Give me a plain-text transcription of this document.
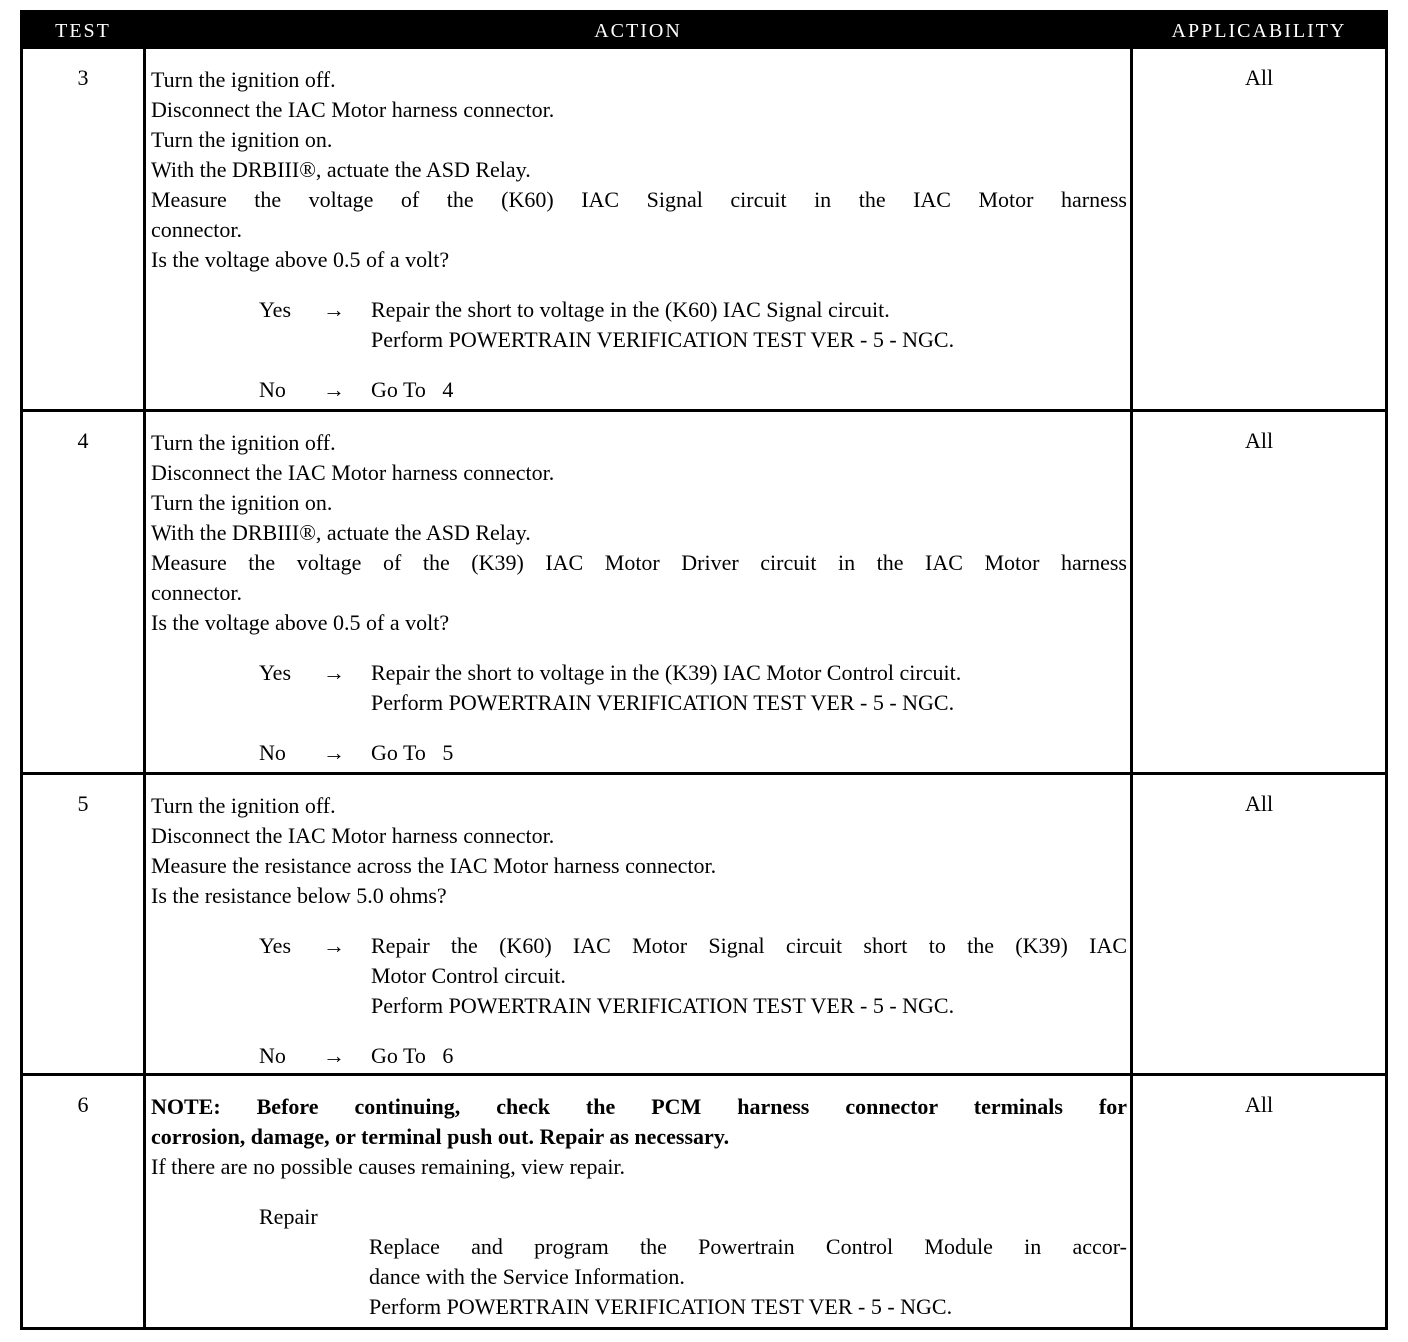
TEST	ACTION	APPLICABILITY
3	Turn the ignition off.
Disconnect the IAC Motor harness connector.
Turn the ignition on.
With the DRBIII®, actuate the ASD Relay.
Measure the voltage of the (K60) IAC Signal circuit in the IAC Motor harness
connector.
Is the voltage above 0.5 of a volt?
Yes → Repair the short to voltage in the (K60) IAC Signal circuit.
Perform POWERTRAIN VERIFICATION TEST VER - 5 - NGC.
No → Go To   4
All
4	Turn the ignition off.
Disconnect the IAC Motor harness connector.
Turn the ignition on.
With the DRBIII®, actuate the ASD Relay.
Measure the voltage of the (K39) IAC Motor Driver circuit in the IAC Motor harness
connector.
Is the voltage above 0.5 of a volt?
Yes → Repair the short to voltage in the (K39) IAC Motor Control circuit.
Perform POWERTRAIN VERIFICATION TEST VER - 5 - NGC.
No → Go To   5
All
5	Turn the ignition off.
Disconnect the IAC Motor harness connector.
Measure the resistance across the IAC Motor harness connector.
Is the resistance below 5.0 ohms?
Yes → Repair the (K60) IAC Motor Signal circuit short to the (K39) IAC
Motor Control circuit.
Perform POWERTRAIN VERIFICATION TEST VER - 5 - NGC.
No → Go To   6
All
6	NOTE: Before continuing, check the PCM harness connector terminals for
corrosion, damage, or terminal push out. Repair as necessary.
If there are no possible causes remaining, view repair.
Repair
Replace and program the Powertrain Control Module in accor-
dance with the Service Information.
Perform POWERTRAIN VERIFICATION TEST VER - 5 - NGC.
All
